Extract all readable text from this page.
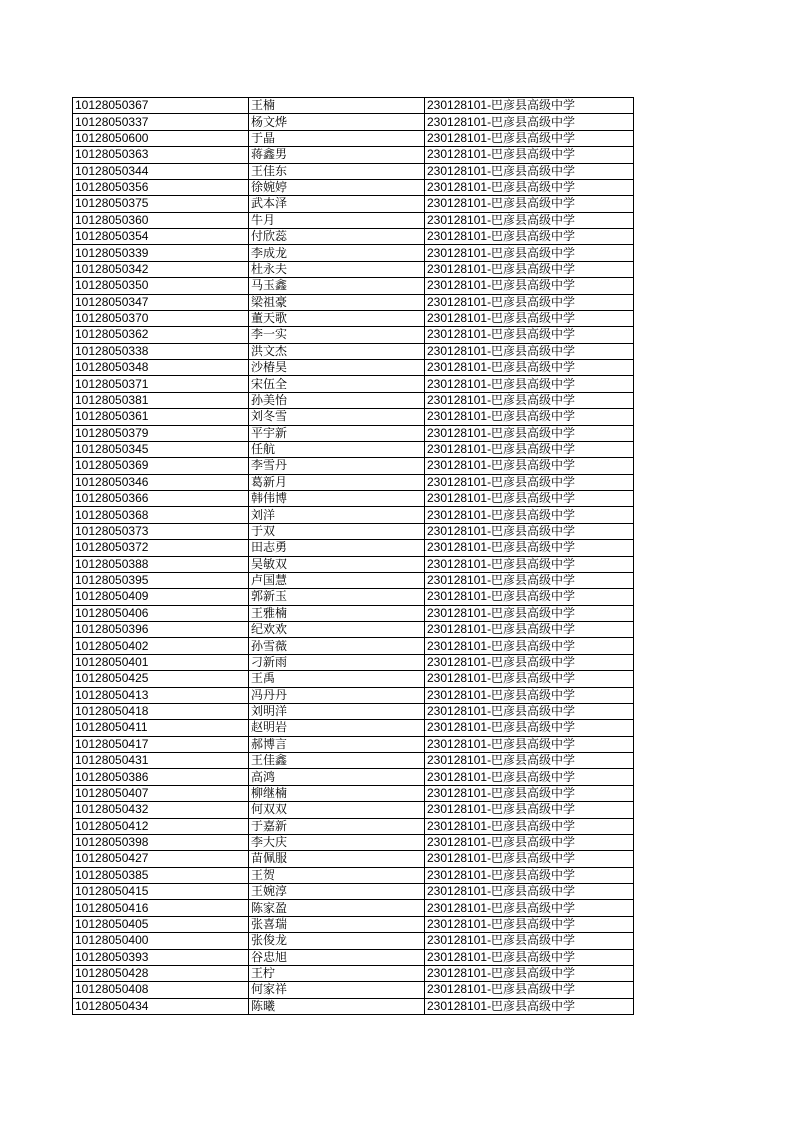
10128050367	王楠	230128101-巴彦县高级中学
10128050337	杨文烨	230128101-巴彦县高级中学
10128050600	于晶	230128101-巴彦县高级中学
10128050363	蒋鑫男	230128101-巴彦县高级中学
10128050344	王佳东	230128101-巴彦县高级中学
10128050356	徐婉婷	230128101-巴彦县高级中学
10128050375	武本泽	230128101-巴彦县高级中学
10128050360	牛月	230128101-巴彦县高级中学
10128050354	付欣蕊	230128101-巴彦县高级中学
10128050339	李成龙	230128101-巴彦县高级中学
10128050342	杜永夫	230128101-巴彦县高级中学
10128050350	马玉鑫	230128101-巴彦县高级中学
10128050347	梁祖豪	230128101-巴彦县高级中学
10128050370	董天歌	230128101-巴彦县高级中学
10128050362	李一实	230128101-巴彦县高级中学
10128050338	洪文杰	230128101-巴彦县高级中学
10128050348	沙椿昊	230128101-巴彦县高级中学
10128050371	宋伍全	230128101-巴彦县高级中学
10128050381	孙美怡	230128101-巴彦县高级中学
10128050361	刘冬雪	230128101-巴彦县高级中学
10128050379	平宇新	230128101-巴彦县高级中学
10128050345	任航	230128101-巴彦县高级中学
10128050369	李雪丹	230128101-巴彦县高级中学
10128050346	葛新月	230128101-巴彦县高级中学
10128050366	韩伟博	230128101-巴彦县高级中学
10128050368	刘洋	230128101-巴彦县高级中学
10128050373	于双	230128101-巴彦县高级中学
10128050372	田志勇	230128101-巴彦县高级中学
10128050388	吴敏双	230128101-巴彦县高级中学
10128050395	卢国慧	230128101-巴彦县高级中学
10128050409	郭新玉	230128101-巴彦县高级中学
10128050406	王雅楠	230128101-巴彦县高级中学
10128050396	纪欢欢	230128101-巴彦县高级中学
10128050402	孙雪薇	230128101-巴彦县高级中学
10128050401	刁新雨	230128101-巴彦县高级中学
10128050425	王禹	230128101-巴彦县高级中学
10128050413	冯丹丹	230128101-巴彦县高级中学
10128050418	刘明洋	230128101-巴彦县高级中学
10128050411	赵明岩	230128101-巴彦县高级中学
10128050417	郝博言	230128101-巴彦县高级中学
10128050431	王佳鑫	230128101-巴彦县高级中学
10128050386	高鸿	230128101-巴彦县高级中学
10128050407	柳继楠	230128101-巴彦县高级中学
10128050432	何双双	230128101-巴彦县高级中学
10128050412	于嘉新	230128101-巴彦县高级中学
10128050398	李大庆	230128101-巴彦县高级中学
10128050427	苗佩服	230128101-巴彦县高级中学
10128050385	王贺	230128101-巴彦县高级中学
10128050415	王婉淳	230128101-巴彦县高级中学
10128050416	陈家盈	230128101-巴彦县高级中学
10128050405	张喜瑞	230128101-巴彦县高级中学
10128050400	张俊龙	230128101-巴彦县高级中学
10128050393	谷忠旭	230128101-巴彦县高级中学
10128050428	王柠	230128101-巴彦县高级中学
10128050408	何家祥	230128101-巴彦县高级中学
10128050434	陈曦	230128101-巴彦县高级中学
